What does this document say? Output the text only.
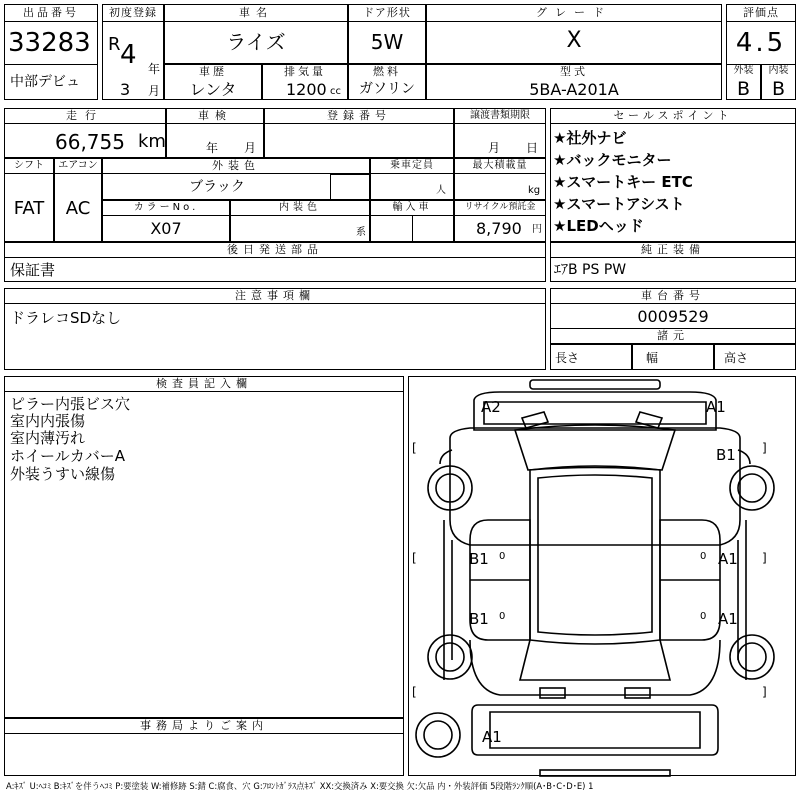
出品番号
33283
中部デビュ
初度登録
R 4 年
3 月
車名
ライズ
車歴
レンタ
排気量
1200 cc
ドア形状
5W
燃料
ガソリン
グレード
X
型式
5BA-A201A
評価点
4.5
外装
B
内装
B
走行
66,755 km
車検
年 月
登録番号	譲渡書類期限
月 日
シフト
FAT
エアコン
AC
外装色
ブラック
乗車定員
人
最大積載量
kg
カラーNo.
X07
内装色
系
輸入車	リサイクル預託金
8,790 円
後日発送部品
保証書
セールスポイント
★社外ナビ
★バックモニター
★スマートキー ETC
★スマートアシスト
★LEDヘッド
純正装備
ｴｱB PS PW
注意事項欄
ドラレコSDなし
車台番号
0009529
諸元
長さ	幅	高さ
検査員記入欄
ピラー内張ビス穴
室内内張傷
室内薄汚れ
ホイールカバーA
外装うすい線傷
事務局よりご案内
A2	A1
B1
B1	A1
B1	A1
A1
[	]
[	]
[	]
0	0
0	0
A:ｷｽﾞ U:ﾍｺﾐ B:ｷｽﾞを伴うﾍｺﾐ P:要塗装 W:補修跡 S:錆 C:腐食、穴 G:ﾌﾛﾝﾄｶﾞﾗｽ点ｷｽﾞ XX:交換済み X:要交換 欠:欠品 内・外装評価 5段階ﾗﾝｸ順(A･B･C･D･E) 1
